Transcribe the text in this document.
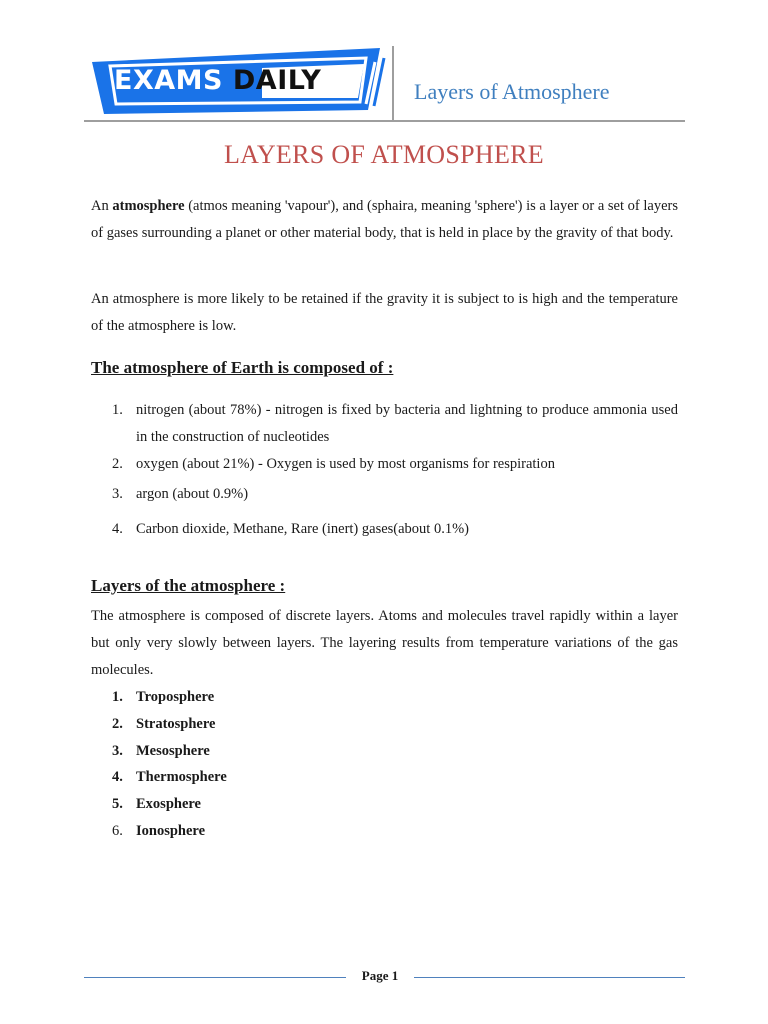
EXAMS DAILY	Layers of Atmosphere
LAYERS OF ATMOSPHERE

An atmosphere (atmos meaning 'vapour'), and (sphaira, meaning 'sphere') is a layer or a set of layers of gases surrounding a planet or other material body, that is held in place by the gravity of that body.

An atmosphere is more likely to be retained if the gravity it is subject to is high and the temperature of the atmosphere is low.

The atmosphere of Earth is composed of :
1. nitrogen (about 78%) - nitrogen is fixed by bacteria and lightning to produce ammonia used in the construction of nucleotides
2. oxygen (about 21%) - Oxygen is used by most organisms for respiration
3. argon (about 0.9%)
4. Carbon dioxide, Methane, Rare (inert) gases(about 0.1%)
Layers of the atmosphere :

The atmosphere is composed of discrete layers. Atoms and molecules travel rapidly within a layer but only very slowly between layers. The layering results from temperature variations of the gas molecules.

1. Troposphere
2. Stratosphere
3. Mesosphere
4. Thermosphere
5. Exosphere
6. Ionosphere
Page 1
